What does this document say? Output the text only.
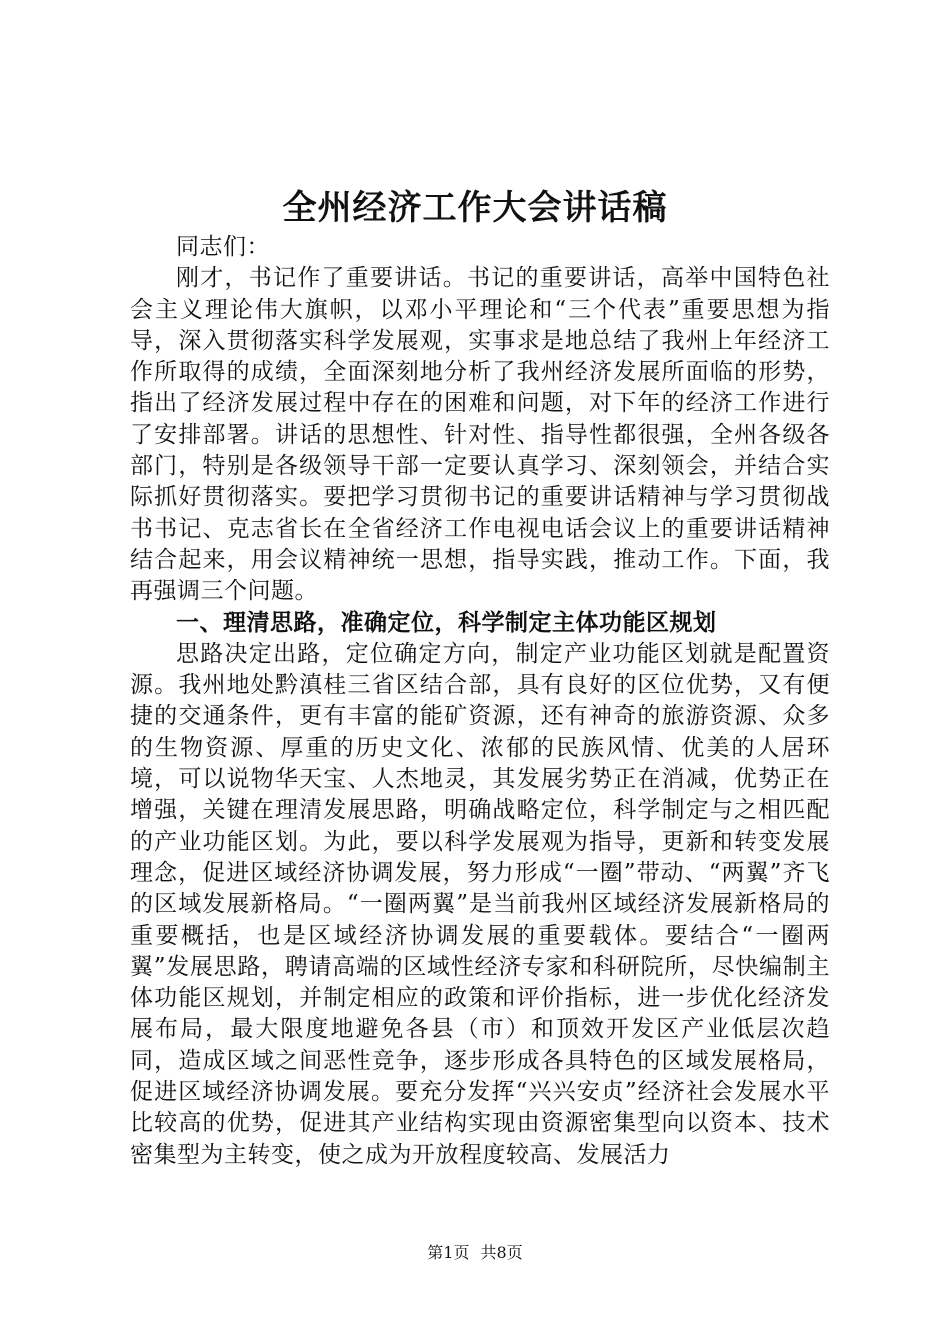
全州经济工作大会讲话稿

同志们：

刚才，书记作了重要讲话。书记的重要讲话，高举中国特色社会主义理论伟大旗帜，以邓小平理论和“三个代表”重要思想为指导，深入贯彻落实科学发展观，实事求是地总结了我州上年经济工作所取得的成绩，全面深刻地分析了我州经济发展所面临的形势，指出了经济发展过程中存在的困难和问题，对下年的经济工作进行了安排部署。讲话的思想性、针对性、指导性都很强，全州各级各部门，特别是各级领导干部一定要认真学习、深刻领会，并结合实际抓好贯彻落实。要把学习贯彻书记的重要讲话精神与学习贯彻战书书记、克志省长在全省经济工作电视电话会议上的重要讲话精神结合起来，用会议精神统一思想，指导实践，推动工作。下面，我再强调三个问题。

一、理清思路，准确定位，科学制定主体功能区规划

思路决定出路，定位确定方向，制定产业功能区划就是配置资源。我州地处黔滇桂三省区结合部，具有良好的区位优势，又有便捷的交通条件，更有丰富的能矿资源，还有神奇的旅游资源、众多的生物资源、厚重的历史文化、浓郁的民族风情、优美的人居环境，可以说物华天宝、人杰地灵，其发展劣势正在消减，优势正在增强，关键在理清发展思路，明确战略定位，科学制定与之相匹配的产业功能区划。为此，要以科学发展观为指导，更新和转变发展理念，促进区域经济协调发展，努力形成“一圈”带动、“两翼”齐飞的区域发展新格局。“一圈两翼”是当前我州区域经济发展新格局的重要概括，也是区域经济协调发展的重要载体。要结合“一圈两翼”发展思路，聘请高端的区域性经济专家和科研院所，尽快编制主体功能区规划，并制定相应的政策和评价指标，进一步优化经济发展布局，最大限度地避免各县（市）和顶效开发区产业低层次趋同，造成区域之间恶性竞争，逐步形成各具特色的区域发展格局，促进区域经济协调发展。要充分发挥“兴兴安贞”经济社会发展水平比较高的优势，促进其产业结构实现由资源密集型向以资本、技术密集型为主转变，使之成为开放程度较高、发展活力

第1页 共8页
